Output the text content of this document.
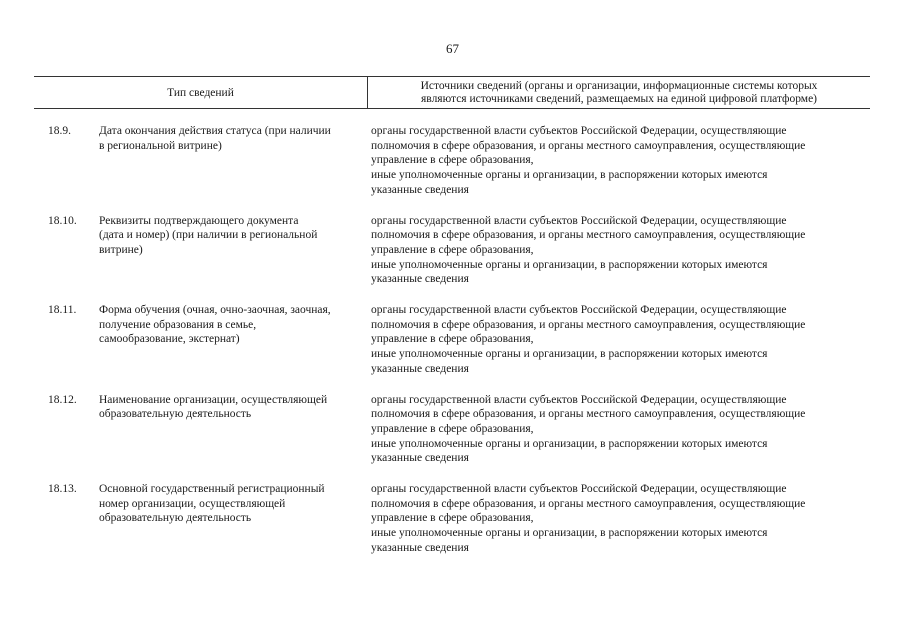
67
Тип сведений
Источники сведений (органы и организации, информационные системы которых
являются источниками сведений, размещаемых на единой цифровой платформе)
18.9. Дата окончания действия статуса (при наличии
в региональной витрине)
органы государственной власти субъектов Российской Федерации, осуществляющие
полномочия в сфере образования, и органы местного самоуправления, осуществляющие
управление в сфере образования,
иные уполномоченные органы и организации, в распоряжении которых имеются
указанные сведения
18.10. Реквизиты подтверждающего документа
(дата и номер) (при наличии в региональной
витрине)
органы государственной власти субъектов Российской Федерации, осуществляющие
полномочия в сфере образования, и органы местного самоуправления, осуществляющие
управление в сфере образования,
иные уполномоченные органы и организации, в распоряжении которых имеются
указанные сведения
18.11. Форма обучения (очная, очно-заочная, заочная,
получение образования в семье,
самообразование, экстернат)
органы государственной власти субъектов Российской Федерации, осуществляющие
полномочия в сфере образования, и органы местного самоуправления, осуществляющие
управление в сфере образования,
иные уполномоченные органы и организации, в распоряжении которых имеются
указанные сведения
18.12. Наименование организации, осуществляющей
образовательную деятельность
органы государственной власти субъектов Российской Федерации, осуществляющие
полномочия в сфере образования, и органы местного самоуправления, осуществляющие
управление в сфере образования,
иные уполномоченные органы и организации, в распоряжении которых имеются
указанные сведения
18.13. Основной государственный регистрационный
номер организации, осуществляющей
образовательную деятельность
органы государственной власти субъектов Российской Федерации, осуществляющие
полномочия в сфере образования, и органы местного самоуправления, осуществляющие
управление в сфере образования,
иные уполномоченные органы и организации, в распоряжении которых имеются
указанные сведения
